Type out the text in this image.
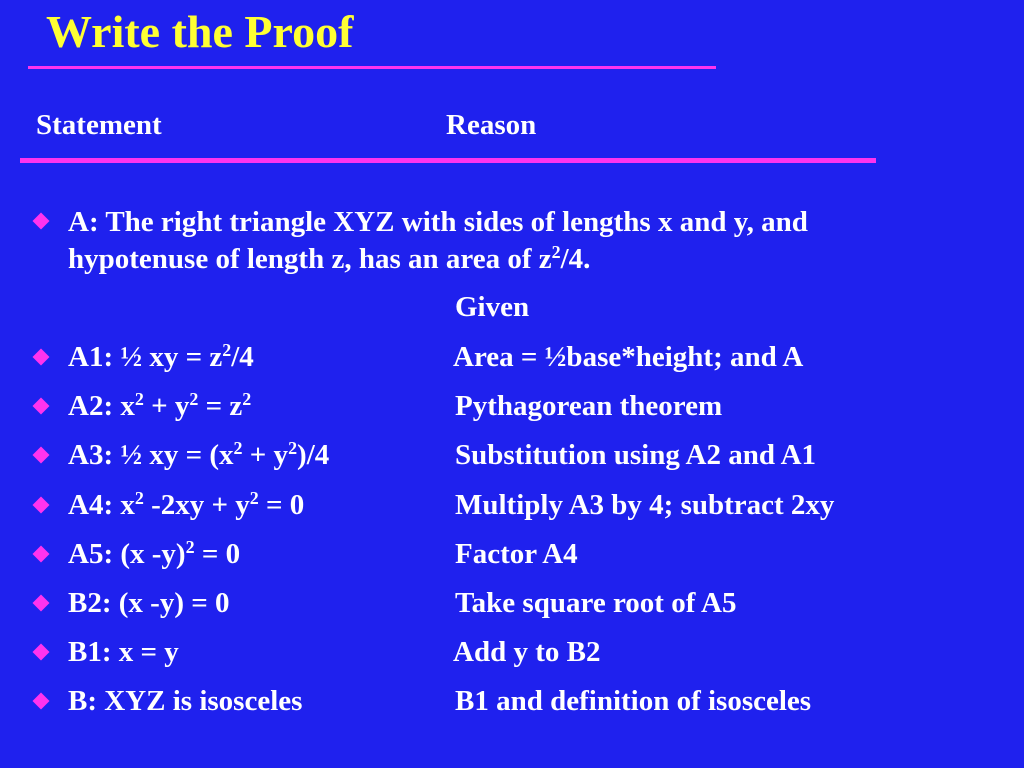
Write the Proof
Statement	Reason
A: The right triangle XYZ with sides of lengths x and y, and
hypotenuse of length z, has an area of $z^2/4$.
Given
A1: ½ xy = $z^2/4$	Area = ½base*height; and A
A2: $x^2 + y^2 = z^2$	Pythagorean theorem
A3: ½ xy = $(x^2 + y^2)/4$	Substitution using A2 and A1
A4: $x^2$ $-2xy + y^2 = 0$	Multiply A3 by 4; subtract 2xy
A5: (x -y)$^2$ = 0	Factor A4
B2: (x -y) = 0	Take square root of A5
B1: x = y	Add y to B2
B: XYZ is isosceles	B1 and definition of isosceles
